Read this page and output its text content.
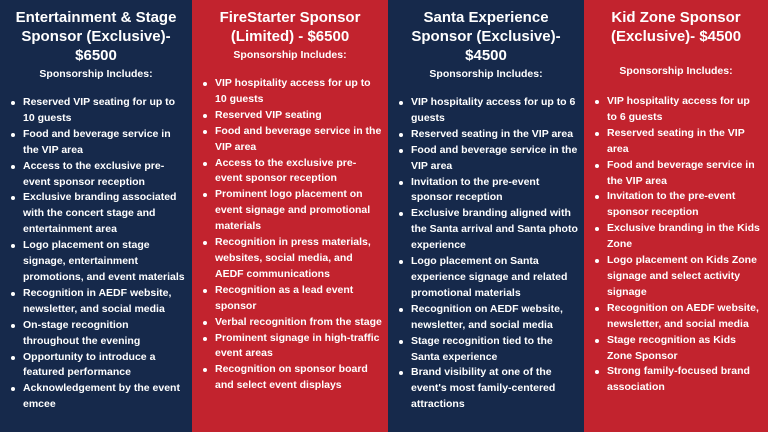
Entertainment & Stage Sponsor (Exclusive)- $6500
Sponsorship Includes:
Reserved VIP seating for up to 10 guests
Food and beverage service in the VIP area
Access to the exclusive pre-event sponsor reception
Exclusive branding associated with the concert stage and entertainment area
Logo placement on stage signage, entertainment promotions, and event materials
Recognition in AEDF website, newsletter, and social media
On-stage recognition throughout the evening
Opportunity to introduce a featured performance
Acknowledgement by the event emcee
FireStarter Sponsor (Limited) - $6500
Sponsorship Includes:
VIP hospitality access for up to 10 guests
Reserved VIP seating
Food and beverage service in the VIP area
Access to the exclusive pre-event sponsor reception
Prominent logo placement on event signage and promotional materials
Recognition in press materials, websites, social media, and AEDF communications
Recognition as a lead event sponsor
Verbal recognition from the stage
Prominent signage in high-traffic event areas
Recognition on sponsor board and select event displays
Santa Experience Sponsor (Exclusive)- $4500
Sponsorship Includes:
VIP hospitality access for up to 6 guests
Reserved seating in the VIP area
Food and beverage service in the VIP area
Invitation to the pre-event sponsor reception
Exclusive branding aligned with the Santa arrival and Santa photo experience
Logo placement on Santa experience signage and related promotional materials
Recognition on AEDF website, newsletter, and social media
Stage recognition tied to the Santa experience
Brand visibility at one of the event's most family-centered attractions
Kid Zone Sponsor (Exclusive)- $4500
Sponsorship Includes:
VIP hospitality access for up to 6 guests
Reserved seating in the VIP area
Food and beverage service in the VIP area
Invitation to the pre-event sponsor reception
Exclusive branding in the Kids Zone
Logo placement on Kids Zone signage and select activity signage
Recognition on AEDF website, newsletter, and social media
Stage recognition as Kids Zone Sponsor
Strong family-focused brand association
